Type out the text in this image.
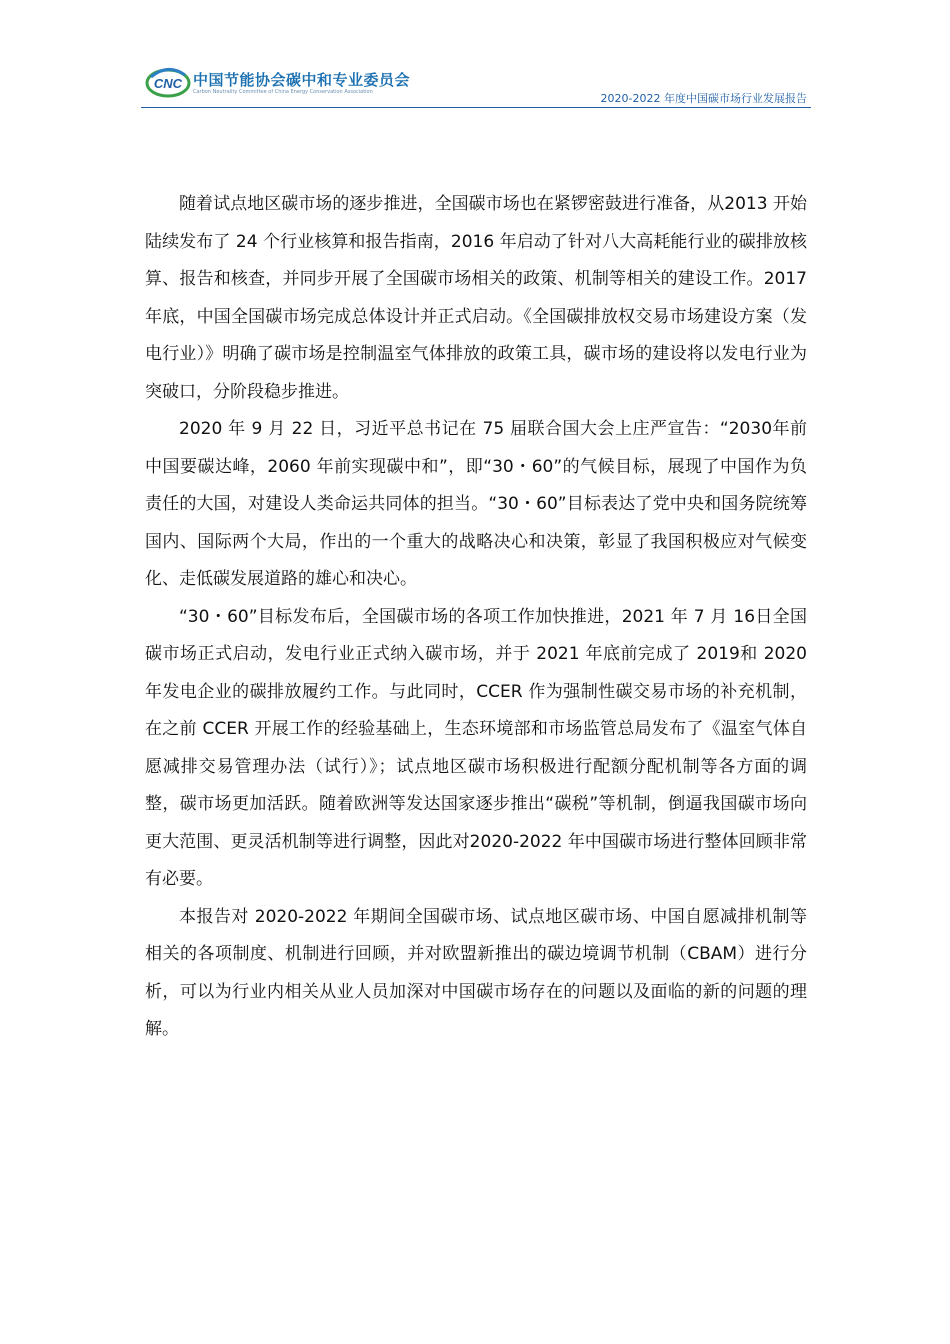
CNC 中国节能协会碳中和专业委员会
Carbon Neutrality Committee of China Energy Conservation Association	2020-2022 年度中国碳市场行业发展报告

随着试点地区碳市场的逐步推进，全国碳市场也在紧锣密鼓进行准备，从2013 开始陆续发布了 24 个行业核算和报告指南，2016 年启动了针对八大高耗能行业的碳排放核算、报告和核查，并同步开展了全国碳市场相关的政策、机制等相关的建设工作。2017 年底，中国全国碳市场完成总体设计并正式启动。《全国碳排放权交易市场建设方案（发电行业）》明确了碳市场是控制温室气体排放的政策工具，碳市场的建设将以发电行业为突破口，分阶段稳步推进。

2020 年 9 月 22 日，习近平总书记在 75 届联合国大会上庄严宣告：“2030年前中国要碳达峰，2060 年前实现碳中和”，即“30・60”的气候目标，展现了中国作为负责任的大国，对建设人类命运共同体的担当。“30・60”目标表达了党中央和国务院统筹国内、国际两个大局，作出的一个重大的战略决心和决策，彰显了我国积极应对气候变化、走低碳发展道路的雄心和决心。

“30・60”目标发布后，全国碳市场的各项工作加快推进，2021 年 7 月 16日全国碳市场正式启动，发电行业正式纳入碳市场，并于 2021 年底前完成了 2019和 2020 年发电企业的碳排放履约工作。与此同时，CCER 作为强制性碳交易市场的补充机制，在之前 CCER 开展工作的经验基础上，生态环境部和市场监管总局发布了《温室气体自愿减排交易管理办法（试行）》；试点地区碳市场积极进行配额分配机制等各方面的调整，碳市场更加活跃。随着欧洲等发达国家逐步推出“碳税”等机制，倒逼我国碳市场向更大范围、更灵活机制等进行调整，因此对2020-2022 年中国碳市场进行整体回顾非常有必要。

本报告对 2020-2022 年期间全国碳市场、试点地区碳市场、中国自愿减排机制等相关的各项制度、机制进行回顾，并对欧盟新推出的碳边境调节机制（CBAM）进行分析，可以为行业内相关从业人员加深对中国碳市场存在的问题以及面临的新的问题的理解。
